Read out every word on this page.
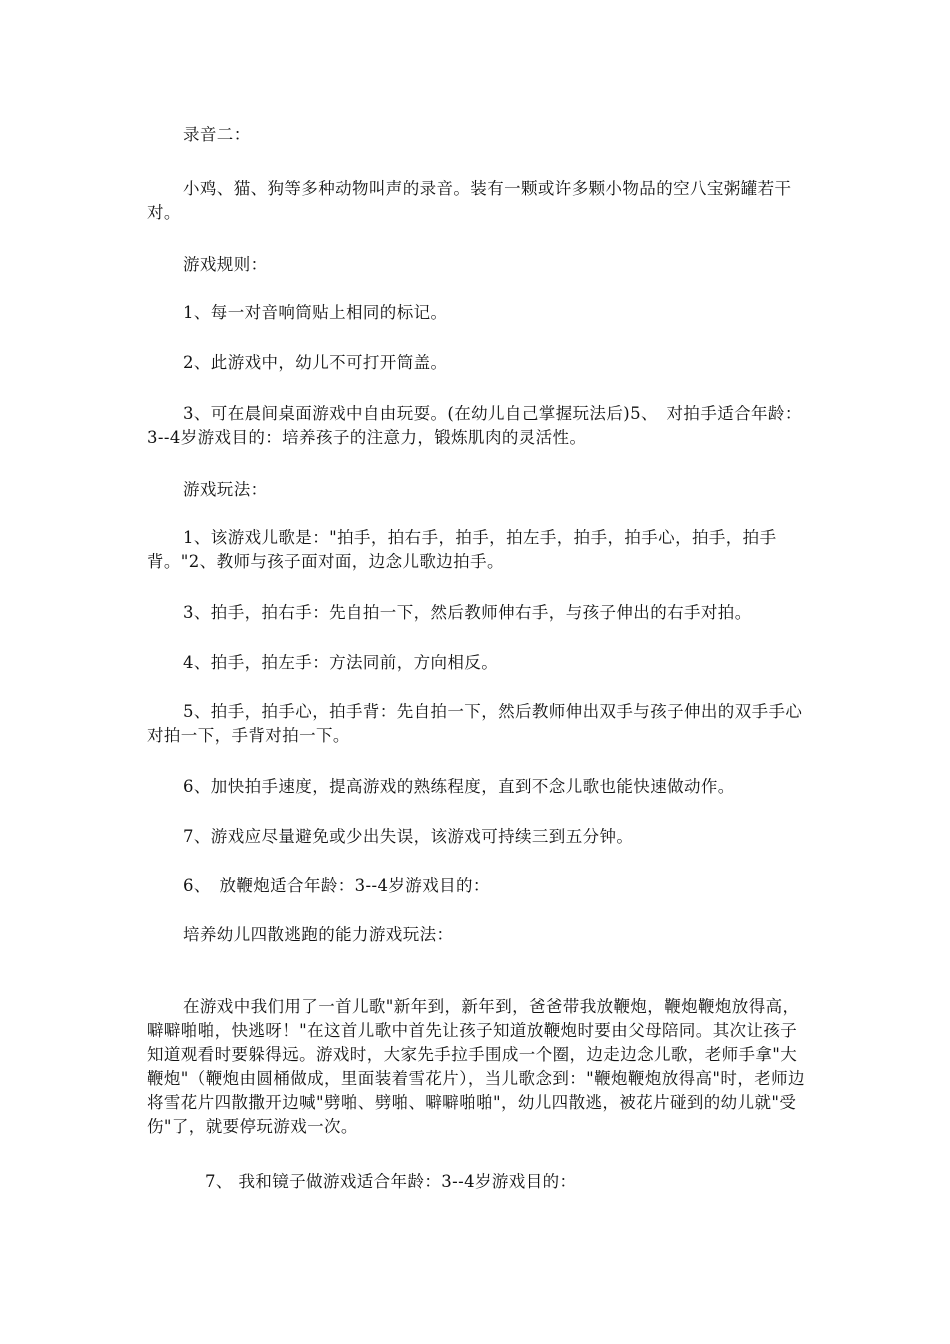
录音二：

小鸡、猫、狗等多种动物叫声的录音。装有一颗或许多颗小物品的空八宝粥罐若干对。

游戏规则：

1、每一对音响筒贴上相同的标记。

2、此游戏中，幼儿不可打开筒盖。

3、可在晨间桌面游戏中自由玩耍。(在幼儿自己掌握玩法后)5、　对拍手适合年龄：3--4岁游戏目的：培养孩子的注意力，锻炼肌肉的灵活性。

游戏玩法：

1、该游戏儿歌是："拍手，拍右手，拍手，拍左手，拍手，拍手心，拍手，拍手背。"2、教师与孩子面对面，边念儿歌边拍手。

3、拍手，拍右手：先自拍一下，然后教师伸右手，与孩子伸出的右手对拍。

4、拍手，拍左手：方法同前，方向相反。

5、拍手，拍手心，拍手背：先自拍一下，然后教师伸出双手与孩子伸出的双手手心对拍一下，手背对拍一下。

6、加快拍手速度，提高游戏的熟练程度，直到不念儿歌也能快速做动作。

7、游戏应尽量避免或少出失误，该游戏可持续三到五分钟。

6、　放鞭炮适合年龄：3--4岁游戏目的：

培养幼儿四散逃跑的能力游戏玩法：

在游戏中我们用了一首儿歌"新年到，新年到，爸爸带我放鞭炮，鞭炮鞭炮放得高，噼噼啪啪，快逃呀！"在这首儿歌中首先让孩子知道放鞭炮时要由父母陪同。其次让孩子知道观看时要躲得远。游戏时，大家先手拉手围成一个圈，边走边念儿歌，老师手拿"大鞭炮"（鞭炮由圆桶做成，里面装着雪花片），当儿歌念到："鞭炮鞭炮放得高"时，老师边将雪花片四散撒开边喊"劈啪、劈啪、噼噼啪啪"，幼儿四散逃，被花片碰到的幼儿就"受伤"了，就要停玩游戏一次。

7、 我和镜子做游戏适合年龄：3--4岁游戏目的：
